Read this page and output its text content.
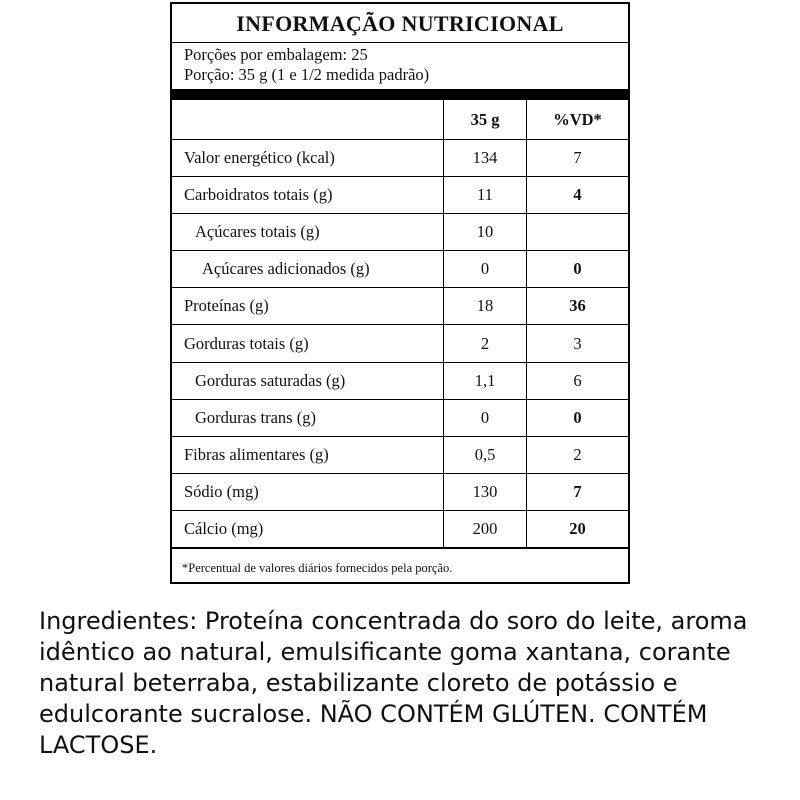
INFORMAÇÃO NUTRICIONAL
Porções por embalagem: 25
Porção: 35 g (1 e 1/2 medida padrão)
	35 g	%VD*
Valor energético (kcal)	134	7
Carboidratos totais (g)	11	4
Açúcares totais (g)	10	
Açúcares adicionados (g)	0	0
Proteínas (g)	18	36
Gorduras totais (g)	2	3
Gorduras saturadas (g)	1,1	6
Gorduras trans (g)	0	0
Fibras alimentares (g)	0,5	2
Sódio (mg)	130	7
Cálcio (mg)	200	20
*Percentual de valores diários fornecidos pela porção.

Ingredientes: Proteína concentrada do soro do leite, aroma idêntico ao natural, emulsificante goma xantana, corante natural beterraba, estabilizante cloreto de potássio e edulcorante sucralose. NÃO CONTÉM GLÚTEN. CONTÉM LACTOSE.
